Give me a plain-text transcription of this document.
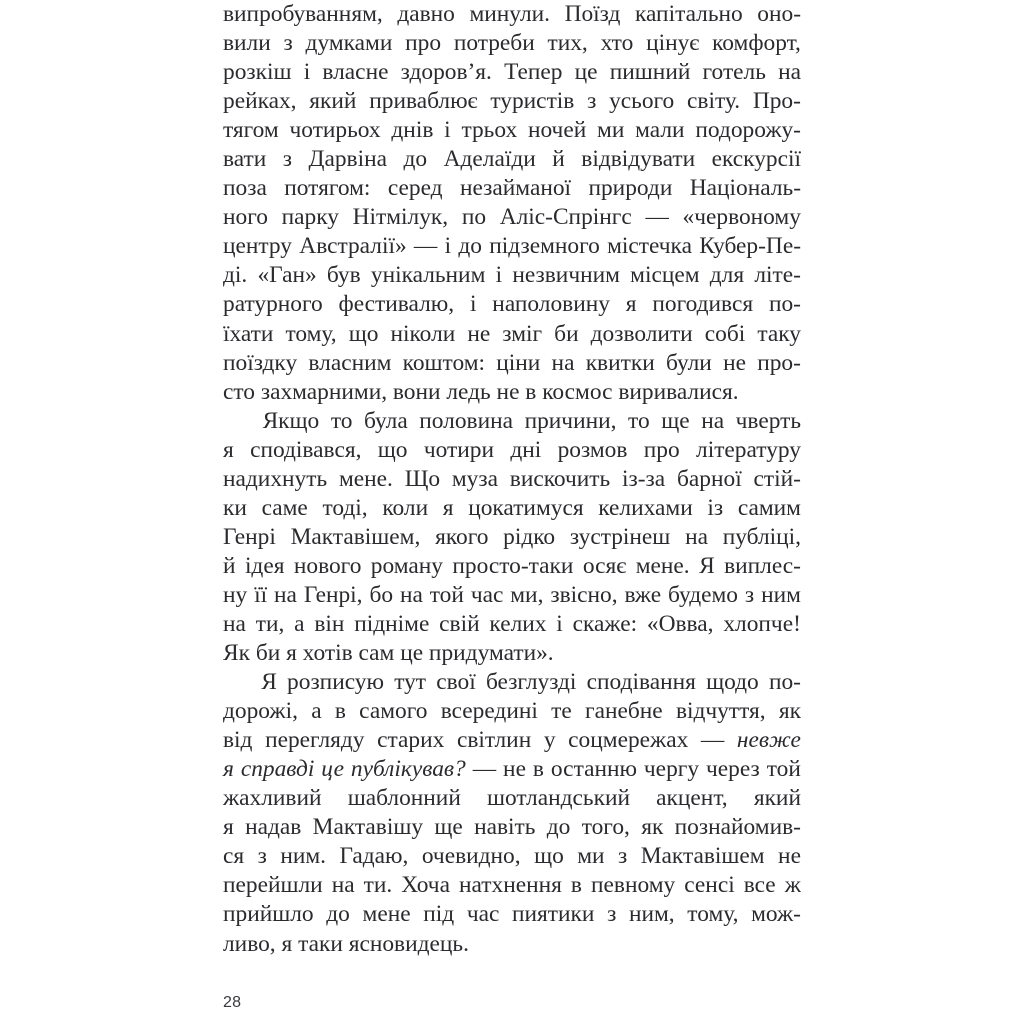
випробуванням, давно минули. Поїзд капітально оно-
вили з думками про потреби тих, хто цінує комфорт,
розкіш і власне здоров’я. Тепер це пишний готель на
рейках, який приваблює туристів з усього світу. Про-
тягом чотирьох днів і трьох ночей ми мали подорожу-
вати з Дарвіна до Аделаїди й відвідувати екскурсії
поза потягом: серед незайманої природи Національ-
ного парку Нітмілук, по Аліс-Спрінгс — «червоному
центру Австралії» — і до підземного містечка Кубер-Пе-
ді. «Ган» був унікальним і незвичним місцем для літе-
ратурного фестивалю, і наполовину я погодився по-
їхати тому, що ніколи не зміг би дозволити собі таку
поїздку власним коштом: ціни на квитки були не про-
сто захмарними, вони ледь не в космос виривалися.

Якщо то була половина причини, то ще на чверть
я сподівався, що чотири дні розмов про літературу
надихнуть мене. Що муза вискочить із-за барної стій-
ки саме тоді, коли я цокатимуся келихами із самим
Генрі Мактавішем, якого рідко зустрінеш на публіці,
й ідея нового роману просто-таки осяє мене. Я виплес-
ну її на Генрі, бо на той час ми, звісно, вже будемо з ним
на ти, а він підніме свій келих і скаже: «Овва, хлопче!
Як би я хотів сам це придумати».

Я розписую тут свої безглузді сподівання щодо по-
дорожі, а в самого всередині те ганебне відчуття, як
від перегляду старих світлин у соцмережах — невже
я справді це публікував? — не в останню чергу через той
жахливий шаблонний шотландський акцент, який
я надав Мактавішу ще навіть до того, як познайомив-
ся з ним. Гадаю, очевидно, що ми з Мактавішем не
перейшли на ти. Хоча натхнення в певному сенсі все ж
прийшло до мене під час пиятики з ним, тому, мож-
ливо, я таки ясновидець.

28
